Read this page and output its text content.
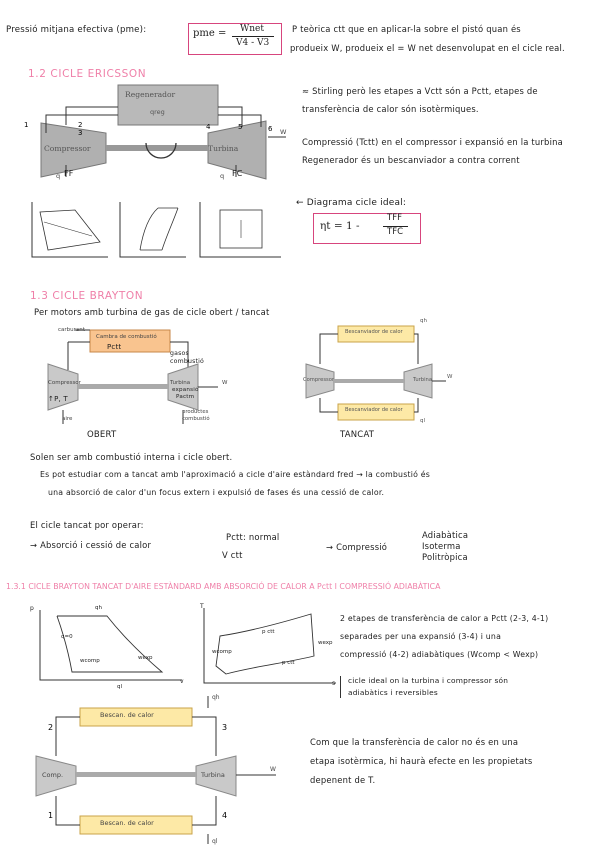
Pressió mitjana efectiva (pme):	pme = Wnet
V4 - V3
P teòrica ctt que en aplicar-la sobre el pistó quan és
produeix W, produeix el = W net desenvolupat en el cicle real.
1.2 CICLE ERICSSON
1	2
3
4	5	6
Regenerador
qreg
Compressor	Turbina
W
q FF	q FC
≈ Stirling però les etapes a Vctt són a Pctt, etapes de
transferència de calor són isotèrmiques.
Compressió (Tctt) en el compressor i expansió en la turbina
Regenerador és un bescanviador a contra corrent
← Diagrama cicle ideal:
ηt = 1 -
TFF
TFC
1.3 CICLE BRAYTON
Per motors amb turbina de gas de cicle obert / tancat
Cambra de combustió
Pctt
carburant
gasos combustió
Compressor	Turbina
expansió
Pactm
↑P, T
aire
productes combustió
W
OBERT
Bescanviador de calor
Bescanviador de calor
Compressor	Turbina
qh
ql
W
TANCAT
Solen ser amb combustió interna i cicle obert.
Es pot estudiar com a tancat amb l'aproximació a cicle d'aire estàndard fred → la combustió és
una absorció de calor d'un focus extern i expulsió de fases és una cessió de calor.
El cicle tancat por operar:
→ Absorció i cessió de calor
Pctt: normal
V ctt
→ Compressió
Adiabàtica
Isoterma
Politròpica
1.3.1 CICLE BRAYTON TANCAT D'AIRE ESTÀNDARD AMB ABSORCIÓ DE CALOR A Pctt I COMPRESSIÓ ADIABÀTICA
p
v
q=0
wcomp	wexp
qh
ql
T
s
p ctt
p ctt
wcomp
wexp
2 etapes de transferència de calor a Pctt (2-3, 4-1)
separades per una expansió (3-4) i una
compressió (4-2) adiabàtiques (Wcomp < Wexp)
cicle ideal on la turbina i compressor són
adiabàtics i reversibles
2	3
1	4
Bescan. de calor
Bescan. de calor
Comp.	Turbina
qh
ql
W
Com que la transferència de calor no és en una
etapa isotèrmica, hi haurà efecte en les propietats
depenent de T.
